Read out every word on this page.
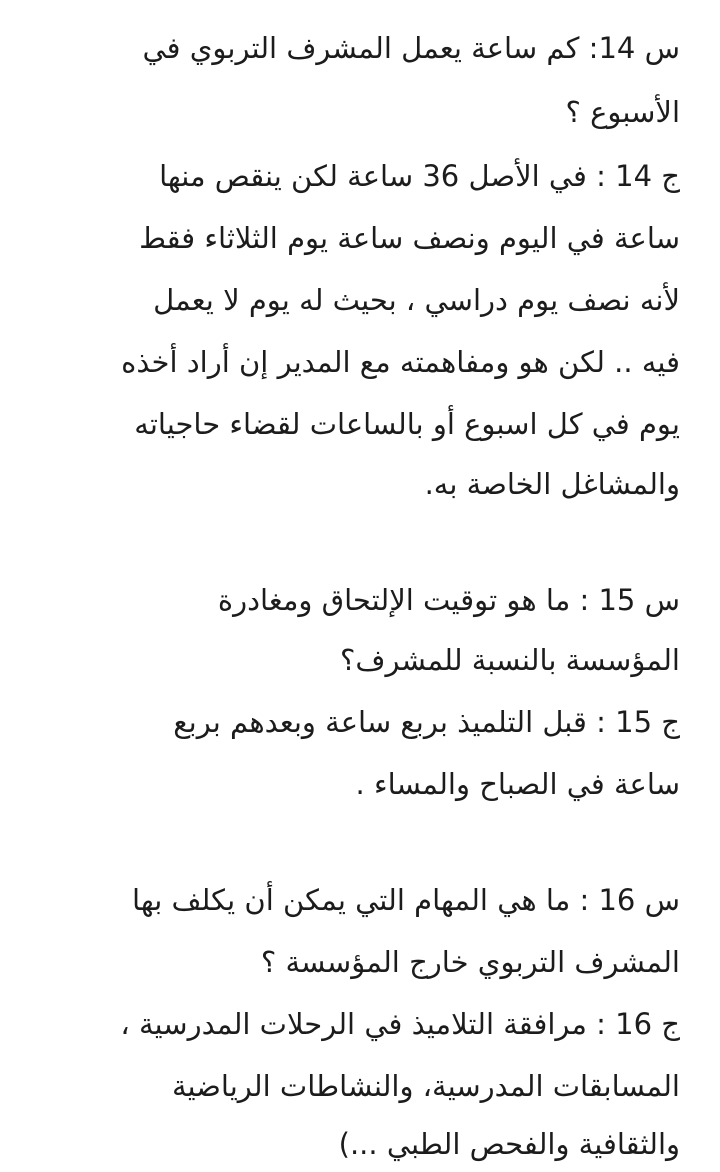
س 14: كم ساعة يعمل المشرف التربوي في
الأسبوع ؟
ج 14 : في الأصل 36 ساعة لكن ينقص منها
ساعة في اليوم ونصف ساعة يوم الثلاثاء فقط
لأنه نصف يوم دراسي ، بحيث له يوم لا يعمل
فيه .. لكن هو ومفاهمته مع المدير إن أراد أخذه
يوم في كل اسبوع أو بالساعات لقضاء حاجياته
والمشاغل الخاصة به.
س 15 : ما هو توقيت الإلتحاق ومغادرة
المؤسسة بالنسبة للمشرف؟
ج 15 : قبل التلميذ بربع ساعة وبعدهم بربع
ساعة في الصباح والمساء .
س 16 : ما هي المهام التي يمكن أن يكلف بها
المشرف التربوي خارج المؤسسة ؟
ج 16 : مرافقة التلاميذ في الرحلات المدرسية ،
المسابقات المدرسية، والنشاطات الرياضية
والثقافية والفحص الطبي ...)
